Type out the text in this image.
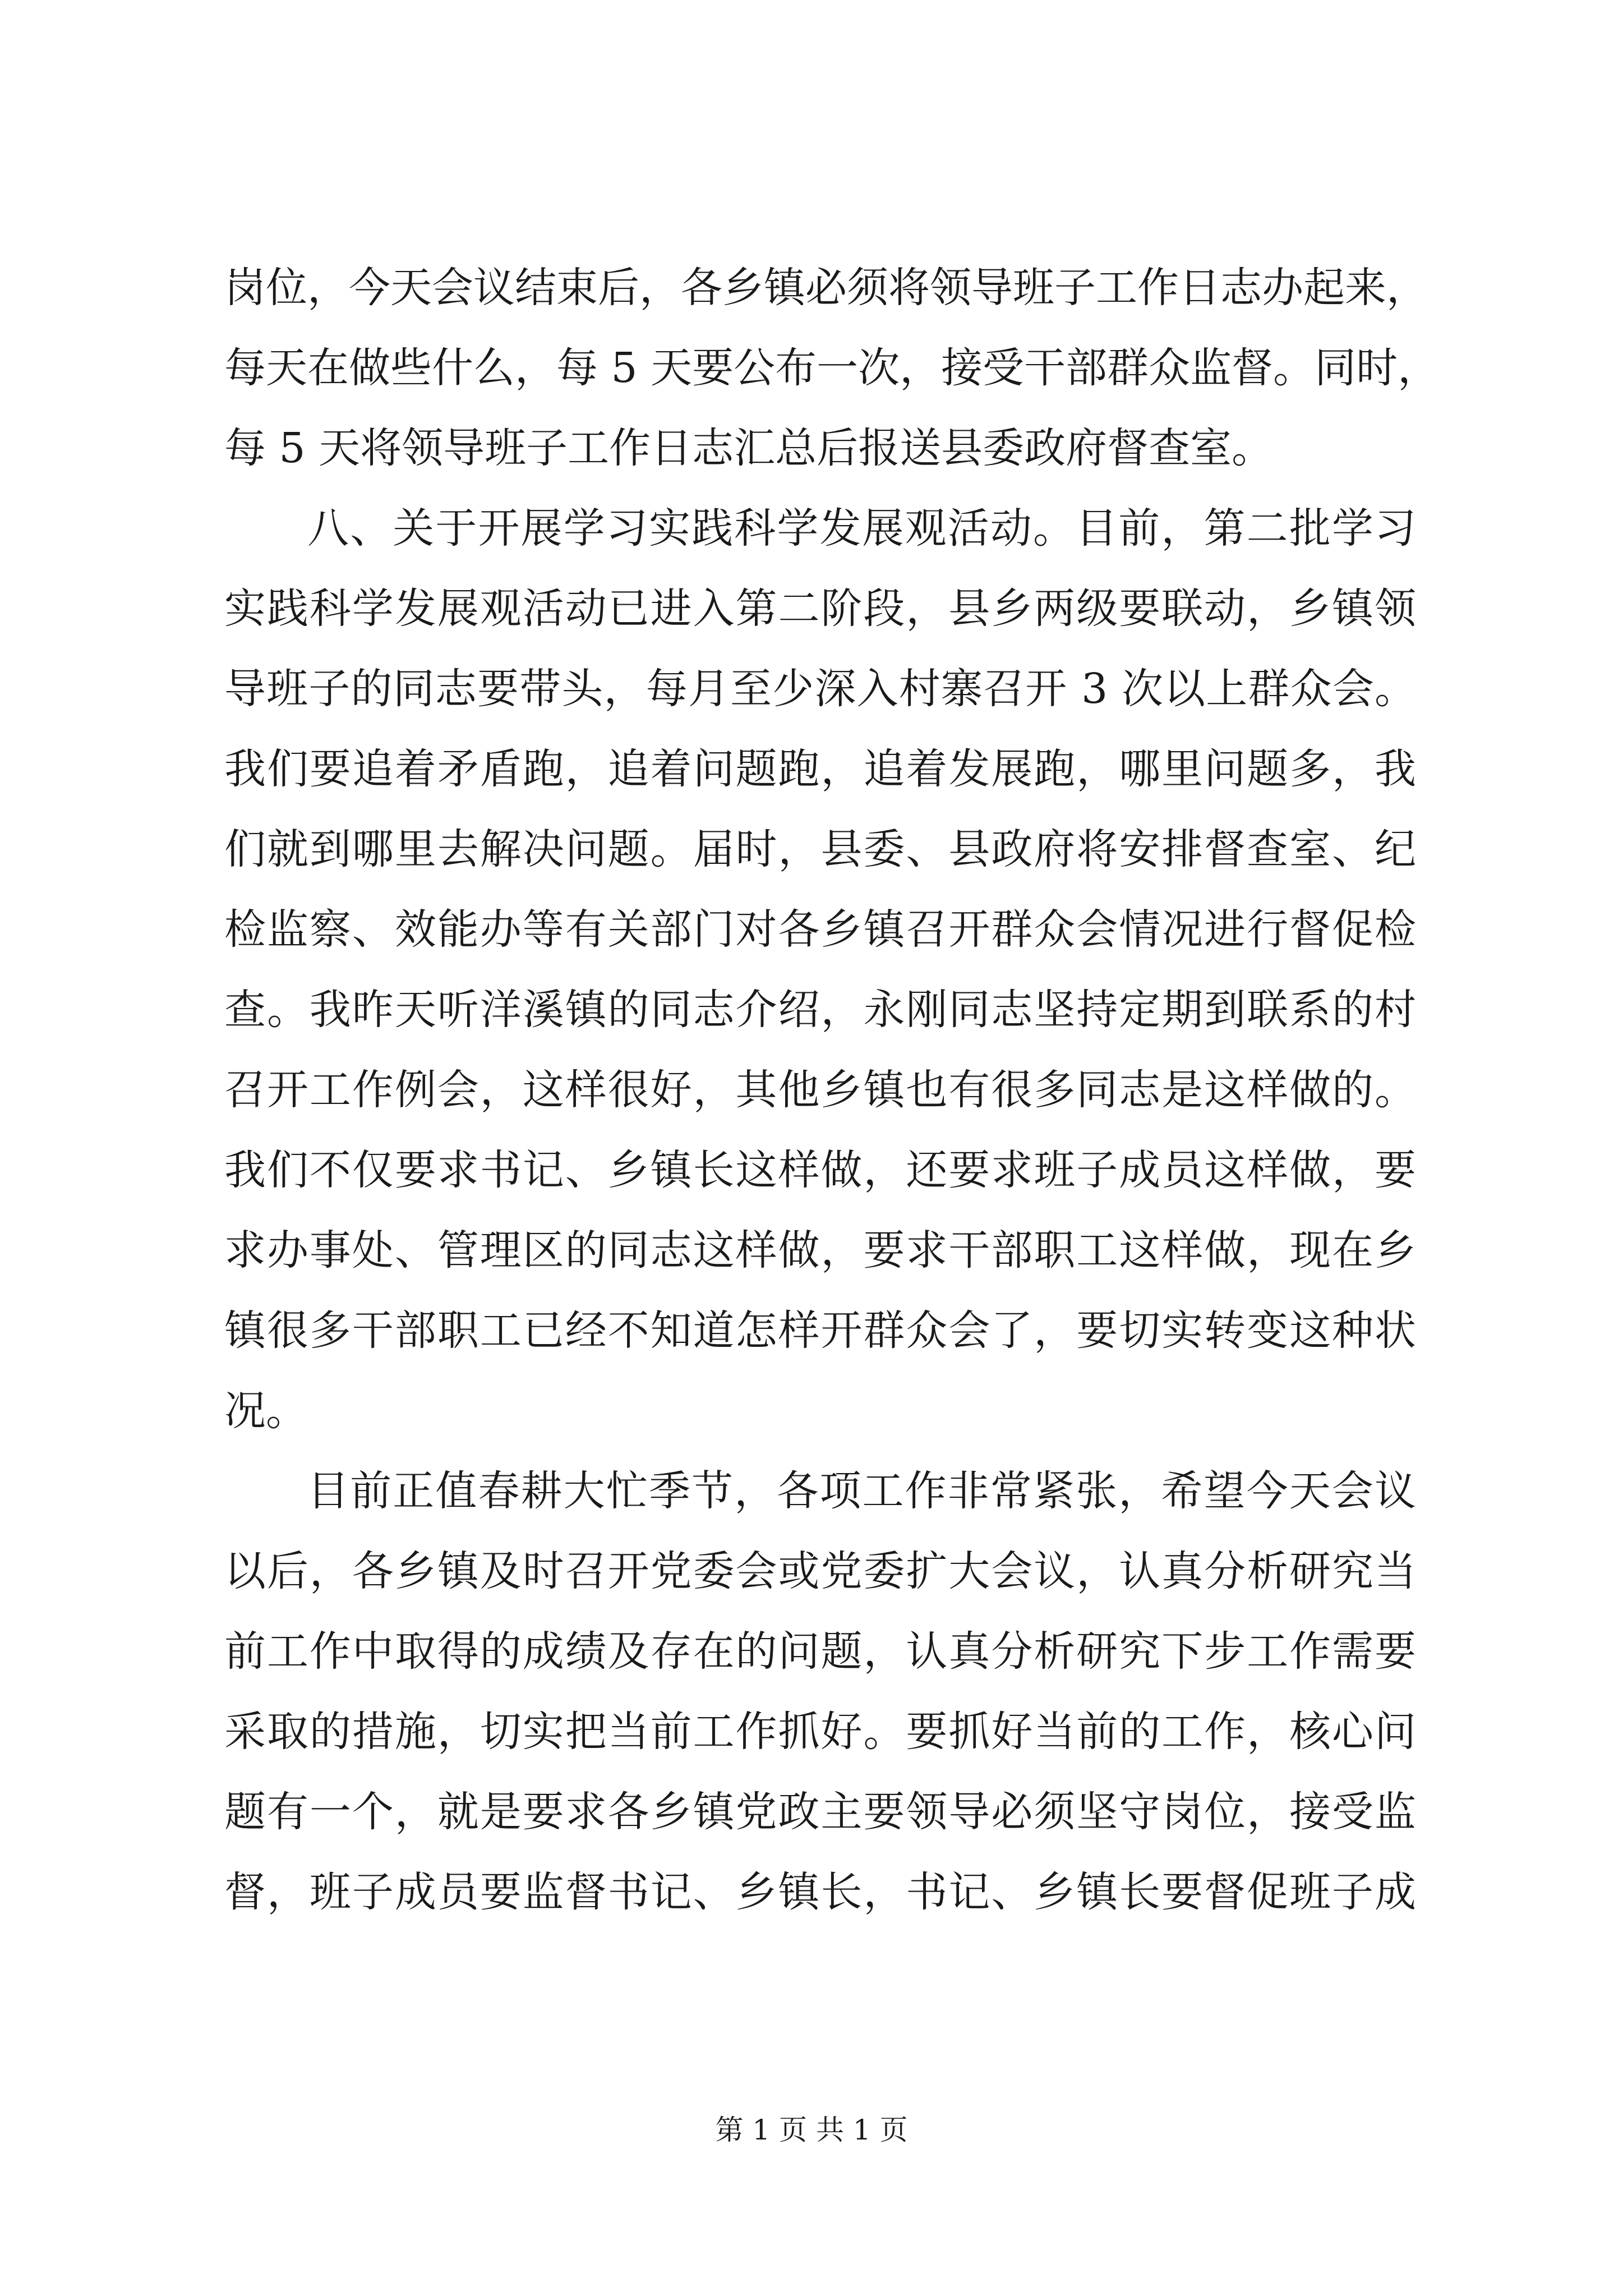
岗位，今天会议结束后，各乡镇必须将领导班子工作日志办起来，
每天在做些什么，每 5 天要公布一次，接受干部群众监督。同时，
每 5 天将领导班子工作日志汇总后报送县委政府督查室。
八、关于开展学习实践科学发展观活动。目前，第二批学习
实践科学发展观活动已进入第二阶段，县乡两级要联动，乡镇领
导班子的同志要带头，每月至少深入村寨召开 3 次以上群众会。
我们要追着矛盾跑，追着问题跑，追着发展跑，哪里问题多，我
们就到哪里去解决问题。届时，县委、县政府将安排督查室、纪
检监察、效能办等有关部门对各乡镇召开群众会情况进行督促检
查。我昨天听洋溪镇的同志介绍，永刚同志坚持定期到联系的村
召开工作例会，这样很好，其他乡镇也有很多同志是这样做的。
我们不仅要求书记、乡镇长这样做，还要求班子成员这样做，要
求办事处、管理区的同志这样做，要求干部职工这样做，现在乡
镇很多干部职工已经不知道怎样开群众会了，要切实转变这种状
况。
目前正值春耕大忙季节，各项工作非常紧张，希望今天会议
以后，各乡镇及时召开党委会或党委扩大会议，认真分析研究当
前工作中取得的成绩及存在的问题，认真分析研究下步工作需要
采取的措施，切实把当前工作抓好。要抓好当前的工作，核心问
题有一个，就是要求各乡镇党政主要领导必须坚守岗位，接受监
督，班子成员要监督书记、乡镇长，书记、乡镇长要督促班子成
第 1 页 共 1 页
